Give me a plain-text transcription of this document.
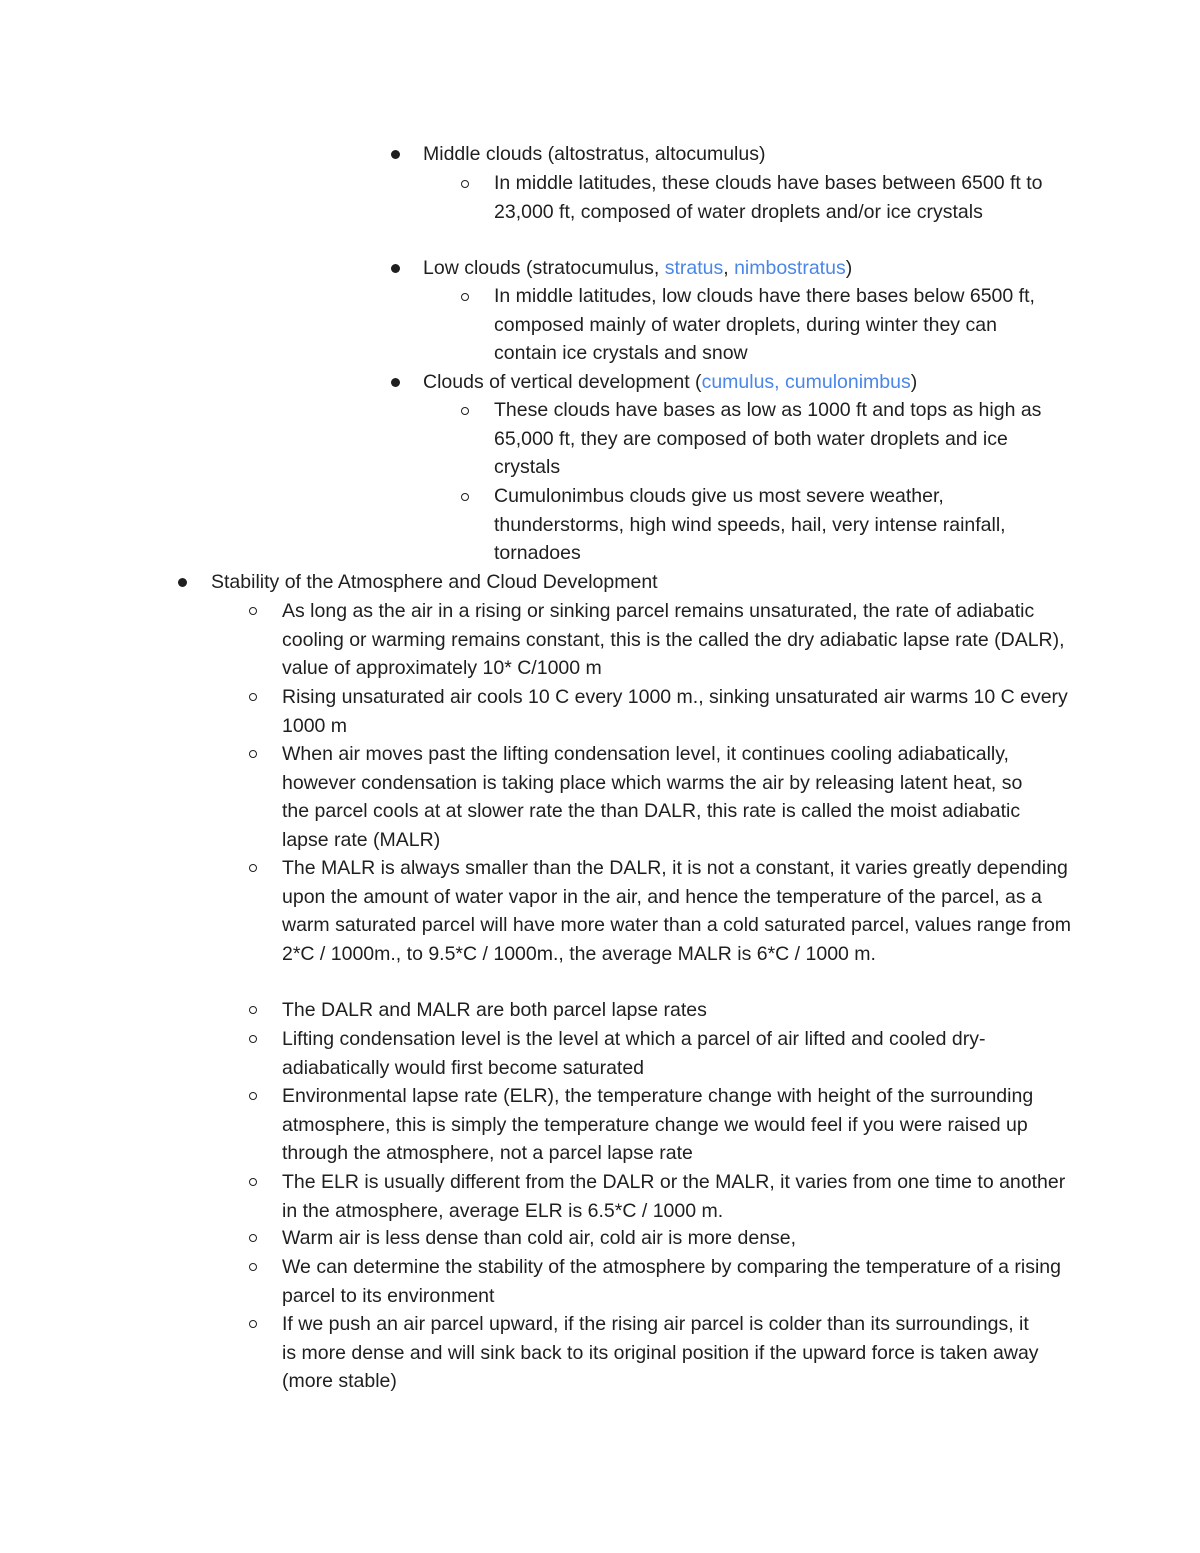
Middle clouds (altostratus, altocumulus)
In middle latitudes, these clouds have bases between 6500 ft to 23,000 ft, composed of water droplets and/or ice crystals
Low clouds (stratocumulus, stratus, nimbostratus)
In middle latitudes, low clouds have there bases below 6500 ft, composed mainly of water droplets, during winter they can contain ice crystals and snow
Clouds of vertical development (cumulus, cumulonimbus)
These clouds have bases as low as 1000 ft and tops as high as 65,000 ft, they are composed of both water droplets and ice crystals
Cumulonimbus clouds give us most severe weather, thunderstorms, high wind speeds, hail, very intense rainfall, tornadoes
Stability of the Atmosphere and Cloud Development
As long as the air in a rising or sinking parcel remains unsaturated, the rate of adiabatic cooling or warming remains constant, this is the called the dry adiabatic lapse rate (DALR), value of approximately 10* C/1000 m
Rising unsaturated air cools 10 C every 1000 m., sinking unsaturated air warms 10 C every 1000 m
When air moves past the lifting condensation level, it continues cooling adiabatically, however condensation is taking place which warms the air by releasing latent heat, so the parcel cools at at slower rate the than DALR, this rate is called the moist adiabatic lapse rate (MALR)
The MALR is always smaller than the DALR, it is not a constant, it varies greatly depending upon the amount of water vapor in the air, and hence the temperature of the parcel, as a warm saturated parcel will have more water than a cold saturated parcel, values range from 2*C / 1000m., to 9.5*C / 1000m., the average MALR is 6*C / 1000 m.
The DALR and MALR are both parcel lapse rates
Lifting condensation level is the level at which a parcel of air lifted and cooled dry-adiabatically would first become saturated
Environmental lapse rate (ELR), the temperature change with height of the surrounding atmosphere, this is simply the temperature change we would feel if you were raised up through the atmosphere, not a parcel lapse rate
The ELR is usually different from the DALR or the MALR, it varies from one time to another in the atmosphere, average ELR is 6.5*C / 1000 m.
Warm air is less dense than cold air, cold air is more dense,
We can determine the stability of the atmosphere by comparing the temperature of a rising parcel to its environment
If we push an air parcel upward, if the rising air parcel is colder than its surroundings, it is more dense and will sink back to its original position if the upward force is taken away (more stable)
